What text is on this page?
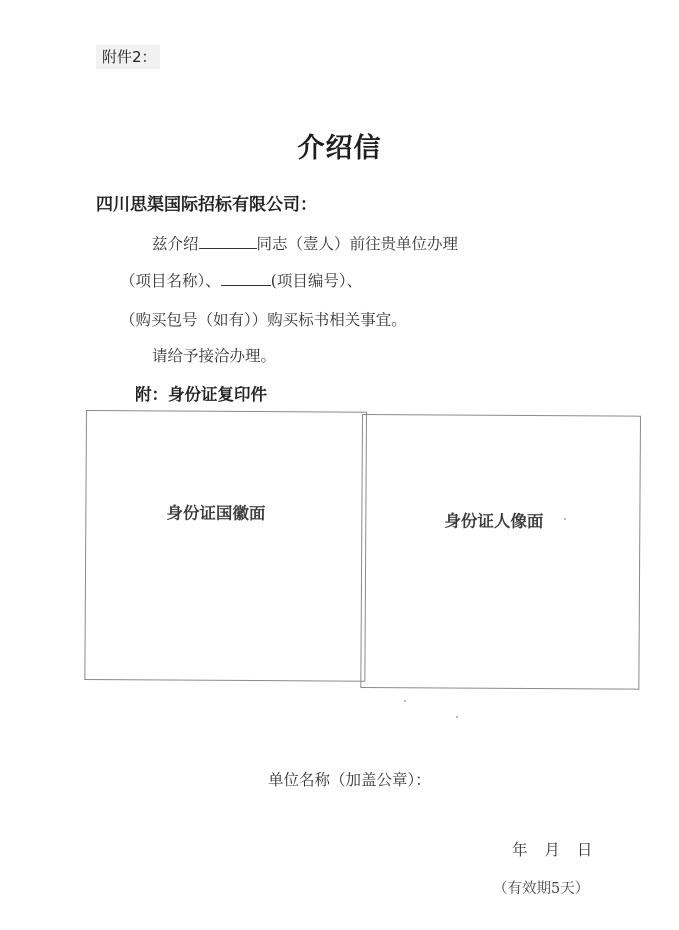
附件2：
介绍信
四川思渠国际招标有限公司：
兹介绍	同志（壹人）前往贵单位办理
（项目名称）、	(项目编号）、
（购买包号（如有））购买标书相关事宜。
请给予接洽办理。
附：身份证复印件
身份证国徽面	身份证人像面
单位名称（加盖公章）：
年 月 日
（有效期5天）
